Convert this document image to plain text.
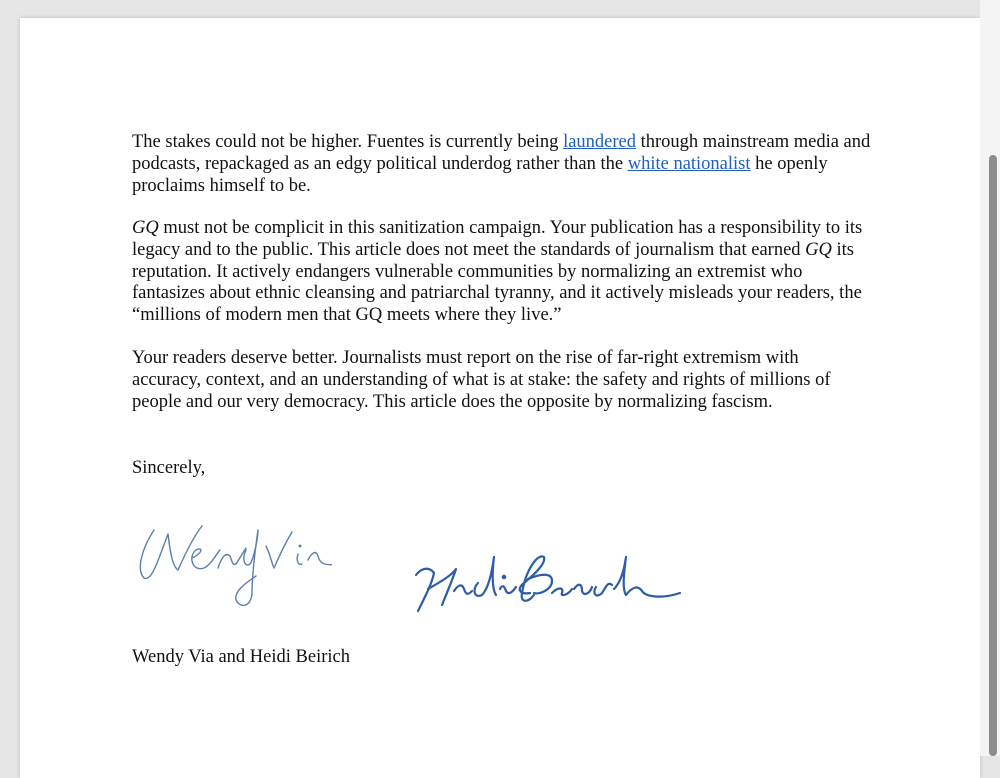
The stakes could not be higher. Fuentes is currently being laundered through mainstream media and podcasts, repackaged as an edgy political underdog rather than the white nationalist he openly proclaims himself to be.

GQ must not be complicit in this sanitization campaign. Your publication has a responsibility to its legacy and to the public. This article does not meet the standards of journalism that earned GQ its reputation. It actively endangers vulnerable communities by normalizing an extremist who fantasizes about ethnic cleansing and patriarchal tyranny, and it actively misleads your readers, the “millions of modern men that GQ meets where they live.”

Your readers deserve better. Journalists must report on the rise of far-right extremism with accuracy, context, and an understanding of what is at stake: the safety and rights of millions of people and our very democracy. This article does the opposite by normalizing fascism.

Sincerely,

Wendy Via and Heidi Beirich
